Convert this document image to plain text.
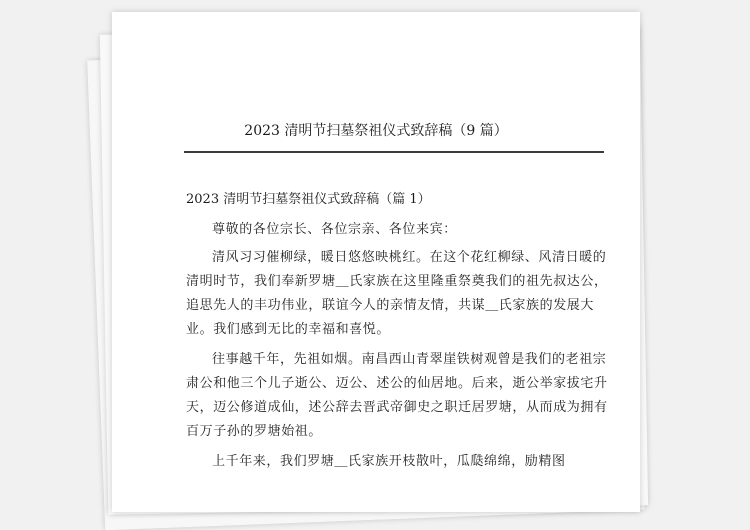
2023 清明节扫墓祭祖仪式致辞稿（9 篇）
2023 清明节扫墓祭祖仪式致辞稿（篇 1）

尊敬的各位宗长、各位宗亲、各位来宾：

清风习习催柳绿，暖日悠悠映桃红。在这个花红柳绿、风清日暖的清明时节，我们奉新罗塘＿氏家族在这里隆重祭奠我们的祖先叔达公，追思先人的丰功伟业，联谊今人的亲情友情，共谋＿氏家族的发展大业。我们感到无比的幸福和喜悦。

往事越千年，先祖如烟。南昌西山青翠崖铁树观曾是我们的老祖宗肃公和他三个儿子逝公、迈公、述公的仙居地。后来，逝公举家拔宅升天，迈公修道成仙，述公辞去晋武帝御史之职迁居罗塘，从而成为拥有百万子孙的罗塘始祖。

上千年来，我们罗塘＿氏家族开枝散叶，瓜瓞绵绵，励精图
